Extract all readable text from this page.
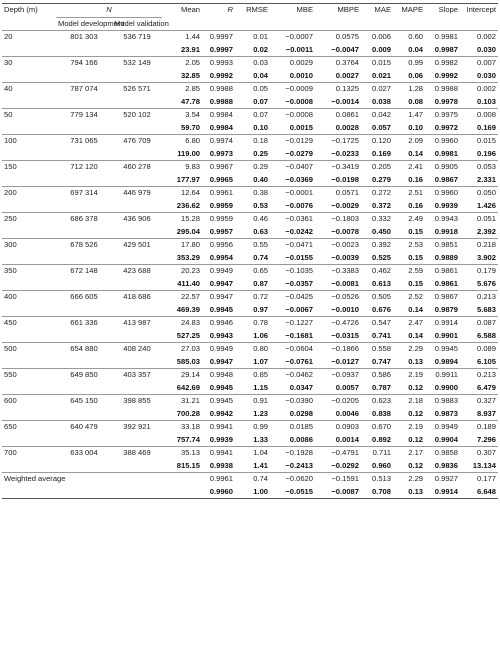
Depth (m)	N		Mean	R	RMSE	MBE	MBPE	MAE	MAPE	Slope	Intercept
	Model development	Model validation									
20	801 303	536 719	1.44	0.9997	0.01	−0.0007	0.0575	0.006	0.60	0.9981	0.002
			23.91	0.9997	0.02	−0.0011	−0.0047	0.009	0.04	0.9987	0.030
30	794 166	532 149	2.05	0.9993	0.03	0.0029	0.3764	0.015	0.99	0.9982	0.007
			32.85	0.9992	0.04	0.0010	0.0027	0.021	0.06	0.9992	0.030
40	787 074	526 571	2.85	0.9988	0.05	−0.0009	0.1325	0.027	1.28	0.9988	0.002
			47.78	0.9988	0.07	−0.0008	−0.0014	0.038	0.08	0.9978	0.103
50	779 134	520 102	3.54	0.9984	0.07	−0.0008	0.0861	0.042	1.47	0.9975	0.008
			59.70	0.9984	0.10	0.0015	0.0028	0.057	0.10	0.9972	0.169
100	731 065	476 709	6.80	0.9974	0.18	−0.0129	−0.1725	0.120	2.09	0.9960	0.015
			119.00	0.9973	0.25	−0.0279	−0.0233	0.169	0.14	0.9981	0.196
150	712 120	460 278	9.83	0.9967	0.29	−0.0407	−0.3419	0.205	2.41	0.9905	0.053
			177.97	0.9965	0.40	−0.0369	−0.0198	0.279	0.16	0.9867	2.331
200	697 314	446 979	12.64	0.9961	0.38	−0.0001	0.0571	0.272	2.51	0.9960	0.050
			236.62	0.9959	0.53	−0.0076	−0.0029	0.372	0.16	0.9939	1.426
250	686 378	436 906	15.28	0.9959	0.46	−0.0361	−0.1803	0.332	2.49	0.9943	0.051
			295.04	0.9957	0.63	−0.0242	−0.0078	0.450	0.15	0.9918	2.392
300	678 526	429 501	17.80	0.9956	0.55	−0.0471	−0.0023	0.392	2.53	0.9851	0.218
			353.29	0.9954	0.74	−0.0155	−0.0039	0.525	0.15	0.9889	3.902
350	672 148	423 688	20.23	0.9949	0.65	−0.1035	−0.3383	0.462	2.59	0.9861	0.179
			411.40	0.9947	0.87	−0.0357	−0.0081	0.613	0.15	0.9861	5.676
400	666 605	418 686	22.57	0.9947	0.72	−0.0425	−0.0526	0.505	2.52	0.9867	0.213
			469.39	0.9945	0.97	−0.0067	−0.0010	0.676	0.14	0.9879	5.683
450	661 336	413 987	24.83	0.9946	0.78	−0.1227	−0.4726	0.547	2.47	0.9914	0.087
			527.25	0.9943	1.06	−0.1681	−0.0315	0.741	0.14	0.9901	6.588
500	654 880	408 240	27.03	0.9949	0.80	−0.0604	−0.1866	0.558	2.29	0.9945	0.089
			585.03	0.9947	1.07	−0.0761	−0.0127	0.747	0.13	0.9894	6.105
550	649 850	403 357	29.14	0.9948	0.85	−0.0462	−0.0937	0.586	2.19	0.9911	0.213
			642.69	0.9945	1.15	0.0347	0.0057	0.787	0.12	0.9900	6.479
600	645 150	398 855	31.21	0.9945	0.91	−0.0390	−0.0205	0.623	2.18	0.9883	0.327
			700.28	0.9942	1.23	0.0298	0.0046	0.838	0.12	0.9873	8.937
650	640 479	392 921	33.18	0.9941	0.99	0.0185	0.0903	0.670	2.19	0.9949	0.189
			757.74	0.9939	1.33	0.0086	0.0014	0.892	0.12	0.9904	7.296
700	633 004	388 469	35.13	0.9941	1.04	−0.1928	−0.4791	0.711	2.17	0.9858	0.307
			815.15	0.9938	1.41	−0.2413	−0.0292	0.960	0.12	0.9836	13.134
Weighted average				0.9961	0.74	−0.0620	−0.1591	0.513	2.29	0.9927	0.177
				0.9960	1.00	−0.0515	−0.0087	0.708	0.13	0.9914	6.648
